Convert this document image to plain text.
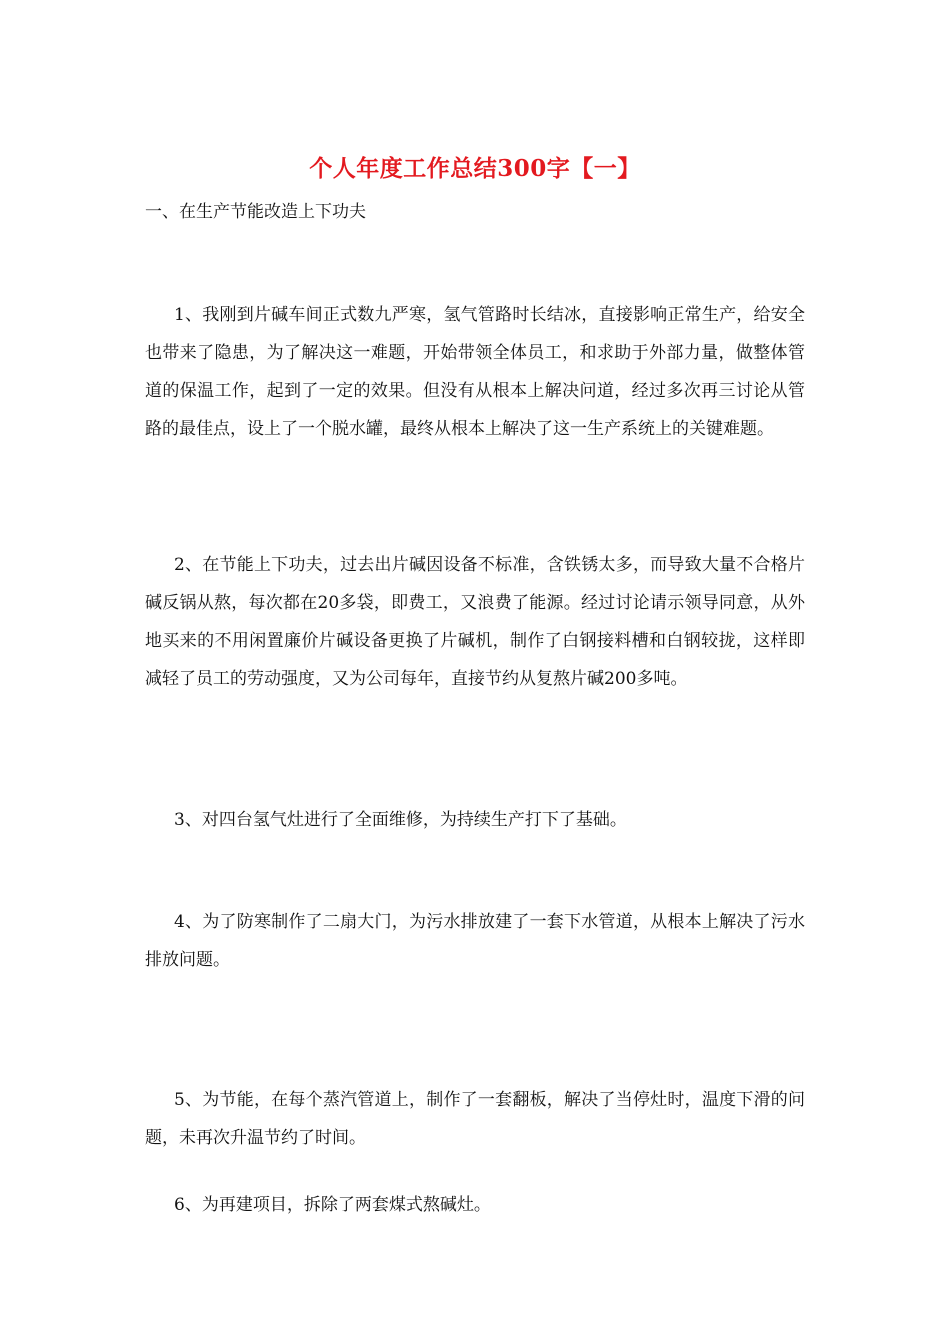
个人年度工作总结300字【一】

一、在生产节能改造上下功夫

1、我刚到片碱车间正式数九严寒，氢气管路时长结冰，直接影响正常生产，给安全也带来了隐患，为了解决这一难题，开始带领全体员工，和求助于外部力量，做整体管道的保温工作，起到了一定的效果。但没有从根本上解决问道，经过多次再三讨论从管路的最佳点，设上了一个脱水罐，最终从根本上解决了这一生产系统上的关键难题。

2、在节能上下功夫，过去出片碱因设备不标准，含铁锈太多，而导致大量不合格片碱反锅从熬，每次都在20多袋，即费工，又浪费了能源。经过讨论请示领导同意，从外地买来的不用闲置廉价片碱设备更换了片碱机，制作了白钢接料槽和白钢较拢，这样即减轻了员工的劳动强度，又为公司每年，直接节约从复熬片碱200多吨。

3、对四台氢气灶进行了全面维修，为持续生产打下了基础。

4、为了防寒制作了二扇大门，为污水排放建了一套下水管道，从根本上解决了污水排放问题。

5、为节能，在每个蒸汽管道上，制作了一套翻板，解决了当停灶时，温度下滑的问题，未再次升温节约了时间。

6、为再建项目，拆除了两套煤式熬碱灶。
